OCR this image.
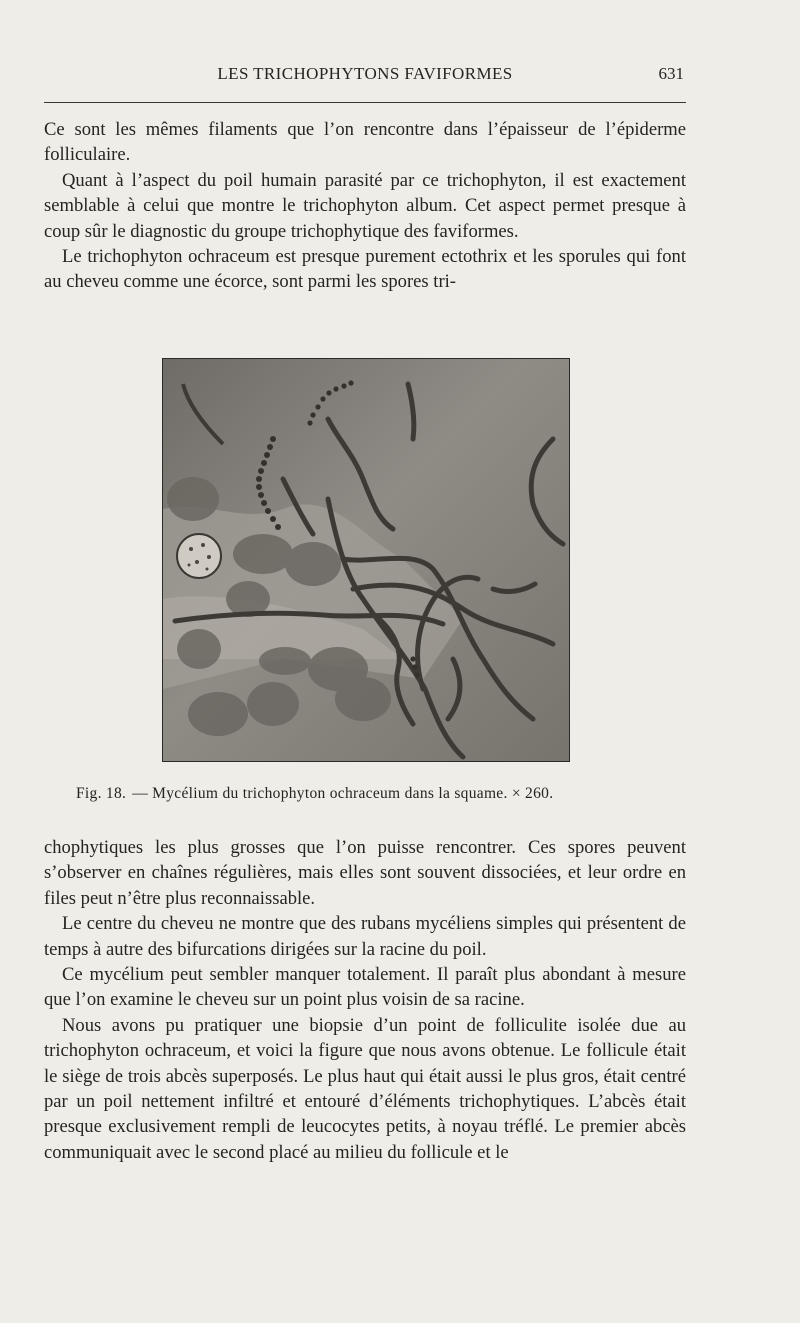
LES TRICHOPHYTONS FAVIFORMES	631

Ce sont les mêmes filaments que l’on rencontre dans l’épaisseur de l’épiderme folliculaire.

Quant à l’aspect du poil humain parasité par ce trichophyton, il est exactement semblable à celui que montre le trichophyton album. Cet aspect permet presque à coup sûr le diagnostic du groupe trichophytique des faviformes.

Le trichophyton ochraceum est presque purement ectothrix et les sporules qui font au cheveu comme une écorce, sont parmi les spores tri-

Fig. 18. — Mycélium du trichophyton ochraceum dans la squame. × 260.

chophytiques les plus grosses que l’on puisse rencontrer. Ces spores peuvent s’observer en chaînes régulières, mais elles sont souvent dissociées, et leur ordre en files peut n’être plus reconnaissable.

Le centre du cheveu ne montre que des rubans mycéliens simples qui présentent de temps à autre des bifurcations dirigées sur la racine du poil.

Ce mycélium peut sembler manquer totalement. Il paraît plus abondant à mesure que l’on examine le cheveu sur un point plus voisin de sa racine.

Nous avons pu pratiquer une biopsie d’un point de folliculite isolée due au trichophyton ochraceum, et voici la figure que nous avons obtenue. Le follicule était le siège de trois abcès superposés. Le plus haut qui était aussi le plus gros, était centré par un poil nettement infiltré et entouré d’éléments trichophytiques. L’abcès était presque exclusivement rempli de leucocytes petits, à noyau tréflé. Le premier abcès communiquait avec le second placé au milieu du follicule et le
